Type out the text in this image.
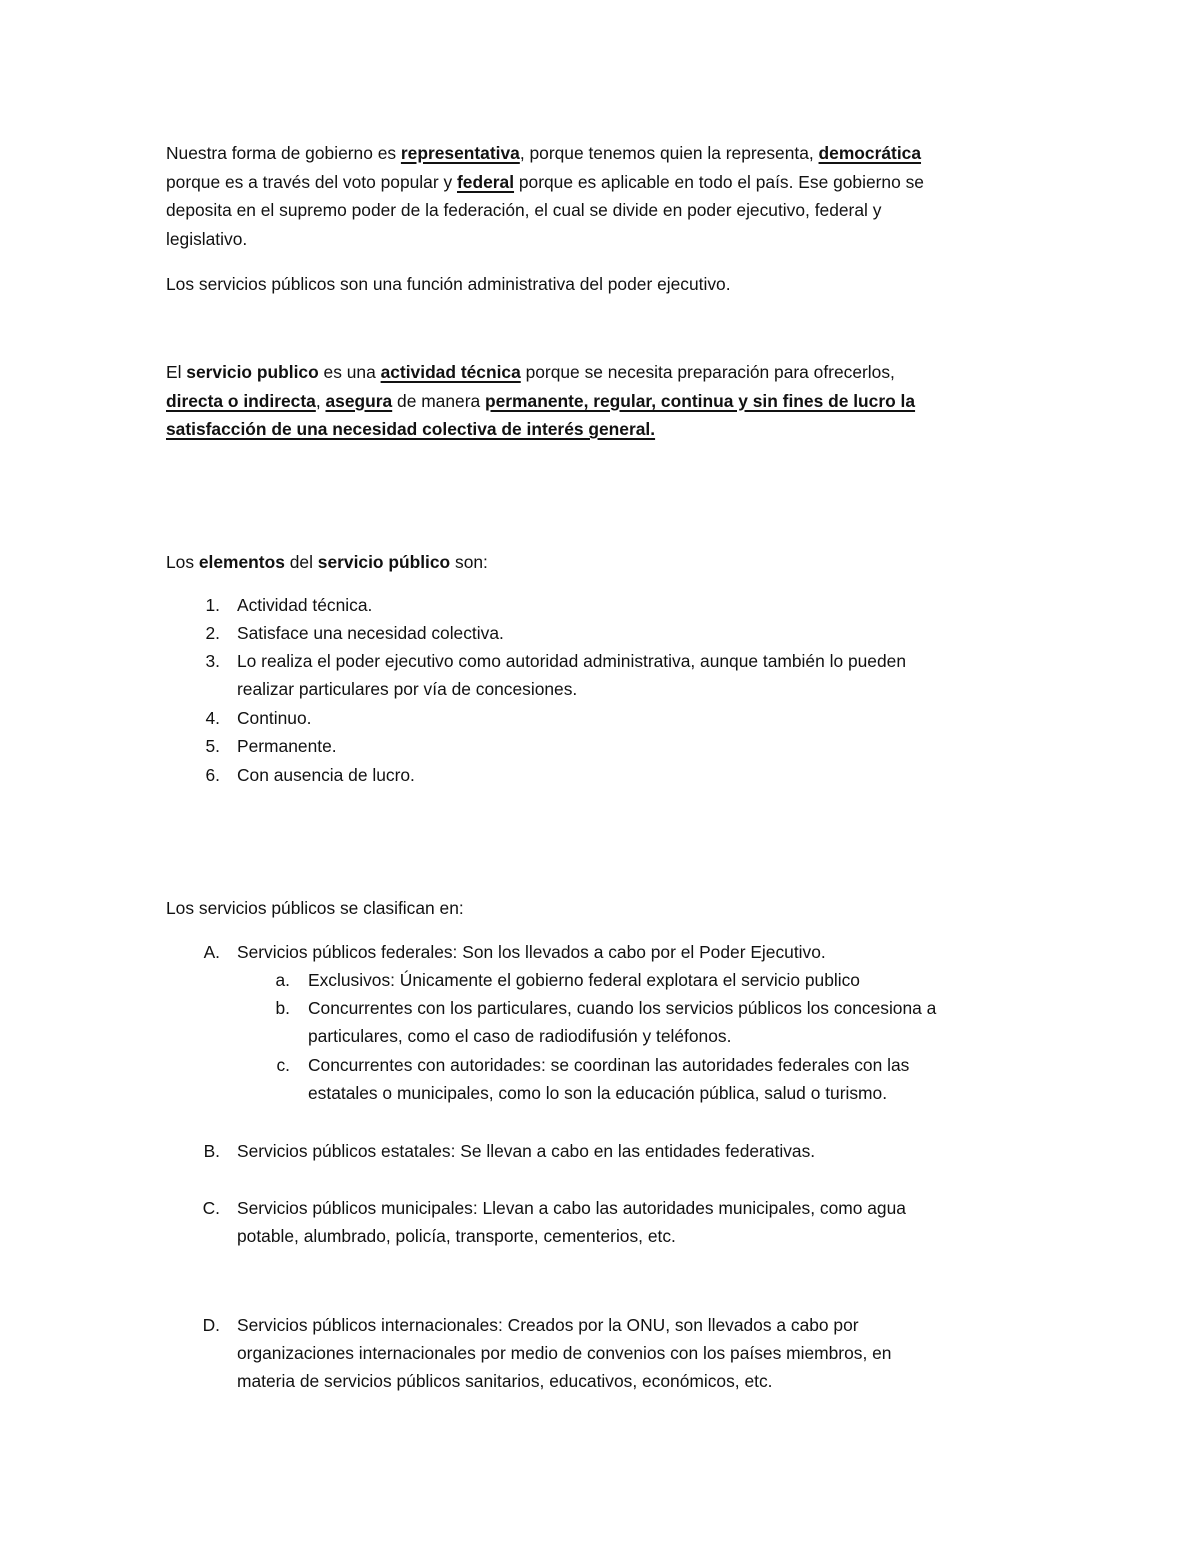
Nuestra forma de gobierno es representativa, porque tenemos quien la representa, democrática
porque es a través del voto popular y federal porque es aplicable en todo el país. Ese gobierno se
deposita en el supremo poder de la federación, el cual se divide en poder ejecutivo, federal y
legislativo.
Los servicios públicos son una función administrativa del poder ejecutivo.
El servicio publico es una actividad técnica porque se necesita preparación para ofrecerlos,
directa o indirecta, asegura de manera permanente, regular, continua y sin fines de lucro la
satisfacción de una necesidad colectiva de interés general.
Los elementos del servicio público son:
1. Actividad técnica.
2. Satisface una necesidad colectiva.
3. Lo realiza el poder ejecutivo como autoridad administrativa, aunque también lo pueden
realizar particulares por vía de concesiones.
4. Continuo.
5. Permanente.
6. Con ausencia de lucro.
Los servicios públicos se clasifican en:
A. Servicios públicos federales: Son los llevados a cabo por el Poder Ejecutivo.
a. Exclusivos: Únicamente el gobierno federal explotara el servicio publico
b. Concurrentes con los particulares, cuando los servicios públicos los concesiona a
particulares, como el caso de radiodifusión y teléfonos.
c. Concurrentes con autoridades: se coordinan las autoridades federales con las
estatales o municipales, como lo son la educación pública, salud o turismo.
B. Servicios públicos estatales: Se llevan a cabo en las entidades federativas.
C. Servicios públicos municipales: Llevan a cabo las autoridades municipales, como agua
potable, alumbrado, policía, transporte, cementerios, etc.
D. Servicios públicos internacionales: Creados por la ONU, son llevados a cabo por
organizaciones internacionales por medio de convenios con los países miembros, en
materia de servicios públicos sanitarios, educativos, económicos, etc.
